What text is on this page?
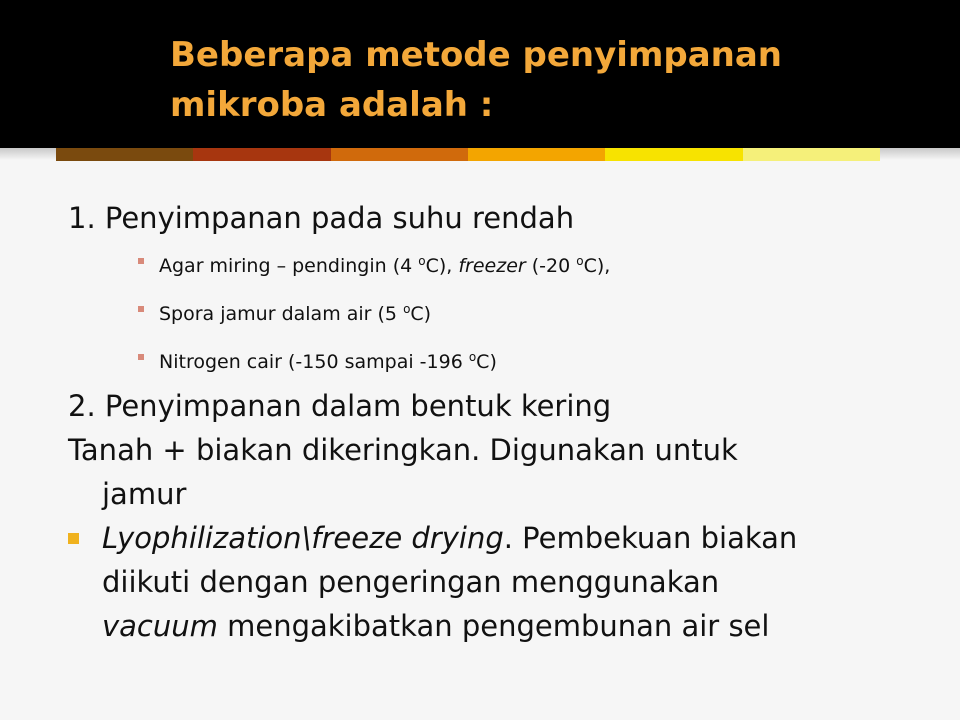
Beberapa metode penyimpanan
mikroba adalah :

1. Penyimpanan pada suhu rendah

Agar miring – pendingin (4 $^o$C), freezer (-20 $^o$C),
Spora jamur dalam air (5 $^o$C)
Nitrogen cair (-150 sampai -196 $^o$C)

2. Penyimpanan dalam bentuk kering

Tanah + biakan dikeringkan. Digunakan untuk

jamur

Lyophilization\freeze drying. Pembekuan biakan
diikuti dengan pengeringan menggunakan
vacuum mengakibatkan pengembunan air sel
